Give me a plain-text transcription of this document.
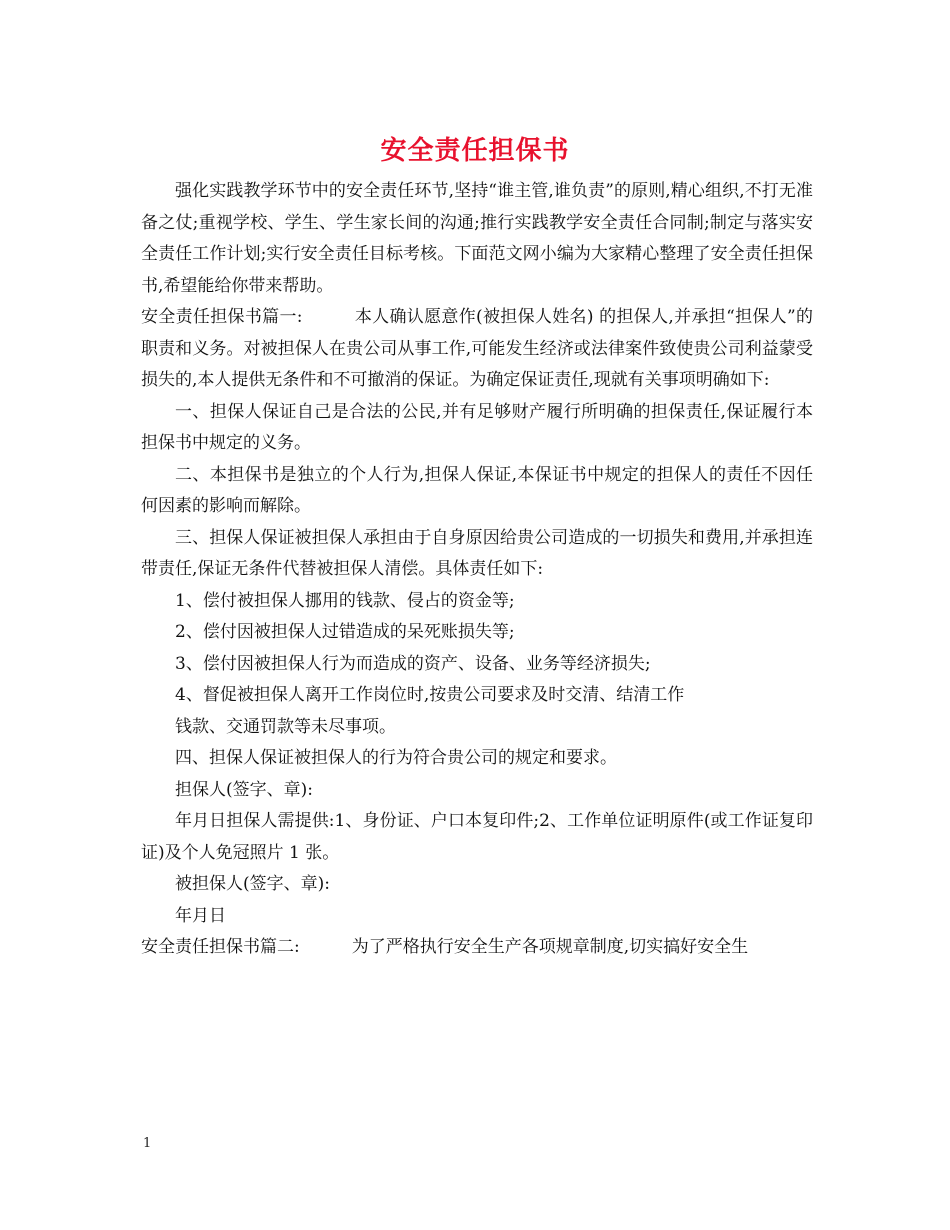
安全责任担保书

强化实践教学环节中的安全责任环节,坚持“谁主管,谁负责”的原则,精心组织,不打无准备之仗;重视学校、学生、学生家长间的沟通;推行实践教学安全责任合同制;制定与落实安全责任工作计划;实行安全责任目标考核。下面范文网小编为大家精心整理了安全责任担保书,希望能给你带来帮助。

安全责任担保书篇一:	本人确认愿意作(被担保人姓名) 的担保人,并承担“担保人”的职责和义务。对被担保人在贵公司从事工作,可能发生经济或法律案件致使贵公司利益蒙受损失的,本人提供无条件和不可撤消的保证。为确定保证责任,现就有关事项明确如下:

一、担保人保证自己是合法的公民,并有足够财产履行所明确的担保责任,保证履行本担保书中规定的义务。

二、本担保书是独立的个人行为,担保人保证,本保证书中规定的担保人的责任不因任何因素的影响而解除。

三、担保人保证被担保人承担由于自身原因给贵公司造成的一切损失和费用,并承担连带责任,保证无条件代替被担保人清偿。具体责任如下:

1、偿付被担保人挪用的钱款、侵占的资金等;

2、偿付因被担保人过错造成的呆死账损失等;

3、偿付因被担保人行为而造成的资产、设备、业务等经济损失;

4、督促被担保人离开工作岗位时,按贵公司要求及时交清、结清工作

钱款、交通罚款等未尽事项。

四、担保人保证被担保人的行为符合贵公司的规定和要求。

担保人(签字、章):

年月日担保人需提供:1、身份证、户口本复印件;2、工作单位证明原件(或工作证复印证)及个人免冠照片 1 张。

被担保人(签字、章):

年月日

安全责任担保书篇二:	为了严格执行安全生产各项规章制度,切实搞好安全生

1
